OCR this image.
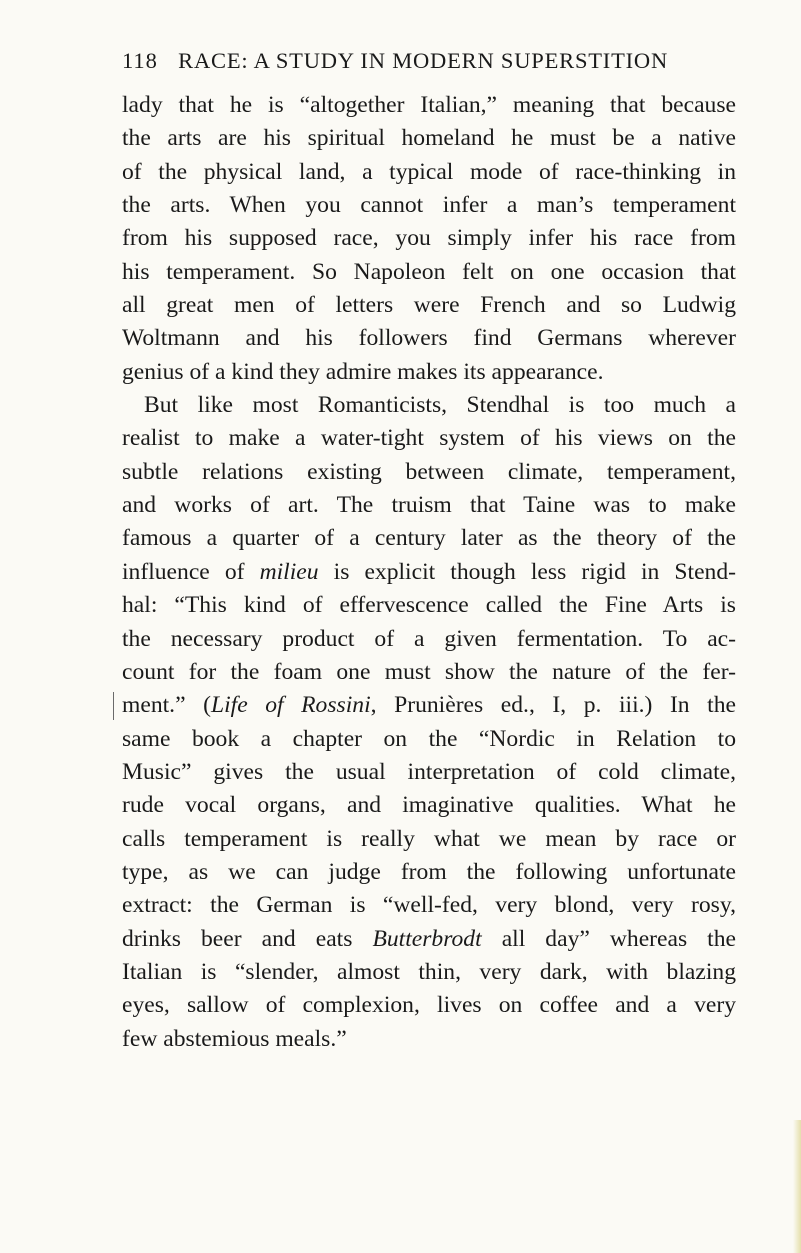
118 RACE: A STUDY IN MODERN SUPERSTITION
lady that he is “altogether Italian,” meaning that because
the arts are his spiritual homeland he must be a native
of the physical land, a typical mode of race-thinking in
the arts. When you cannot infer a man’s temperament
from his supposed race, you simply infer his race from
his temperament. So Napoleon felt on one occasion that
all great men of letters were French and so Ludwig
Woltmann and his followers find Germans wherever
genius of a kind they admire makes its appearance.
But like most Romanticists, Stendhal is too much a
realist to make a water-tight system of his views on the
subtle relations existing between climate, temperament,
and works of art. The truism that Taine was to make
famous a quarter of a century later as the theory of the
influence of milieu is explicit though less rigid in Stend-
hal: “This kind of effervescence called the Fine Arts is
the necessary product of a given fermentation. To ac-
count for the foam one must show the nature of the fer-
ment.” (Life of Rossini, Prunières ed., I, p. iii.) In the
same book a chapter on the “Nordic in Relation to
Music” gives the usual interpretation of cold climate,
rude vocal organs, and imaginative qualities. What he
calls temperament is really what we mean by race or
type, as we can judge from the following unfortunate
extract: the German is “well-fed, very blond, very rosy,
drinks beer and eats Butterbrodt all day” whereas the
Italian is “slender, almost thin, very dark, with blazing
eyes, sallow of complexion, lives on coffee and a very
few abstemious meals.”
